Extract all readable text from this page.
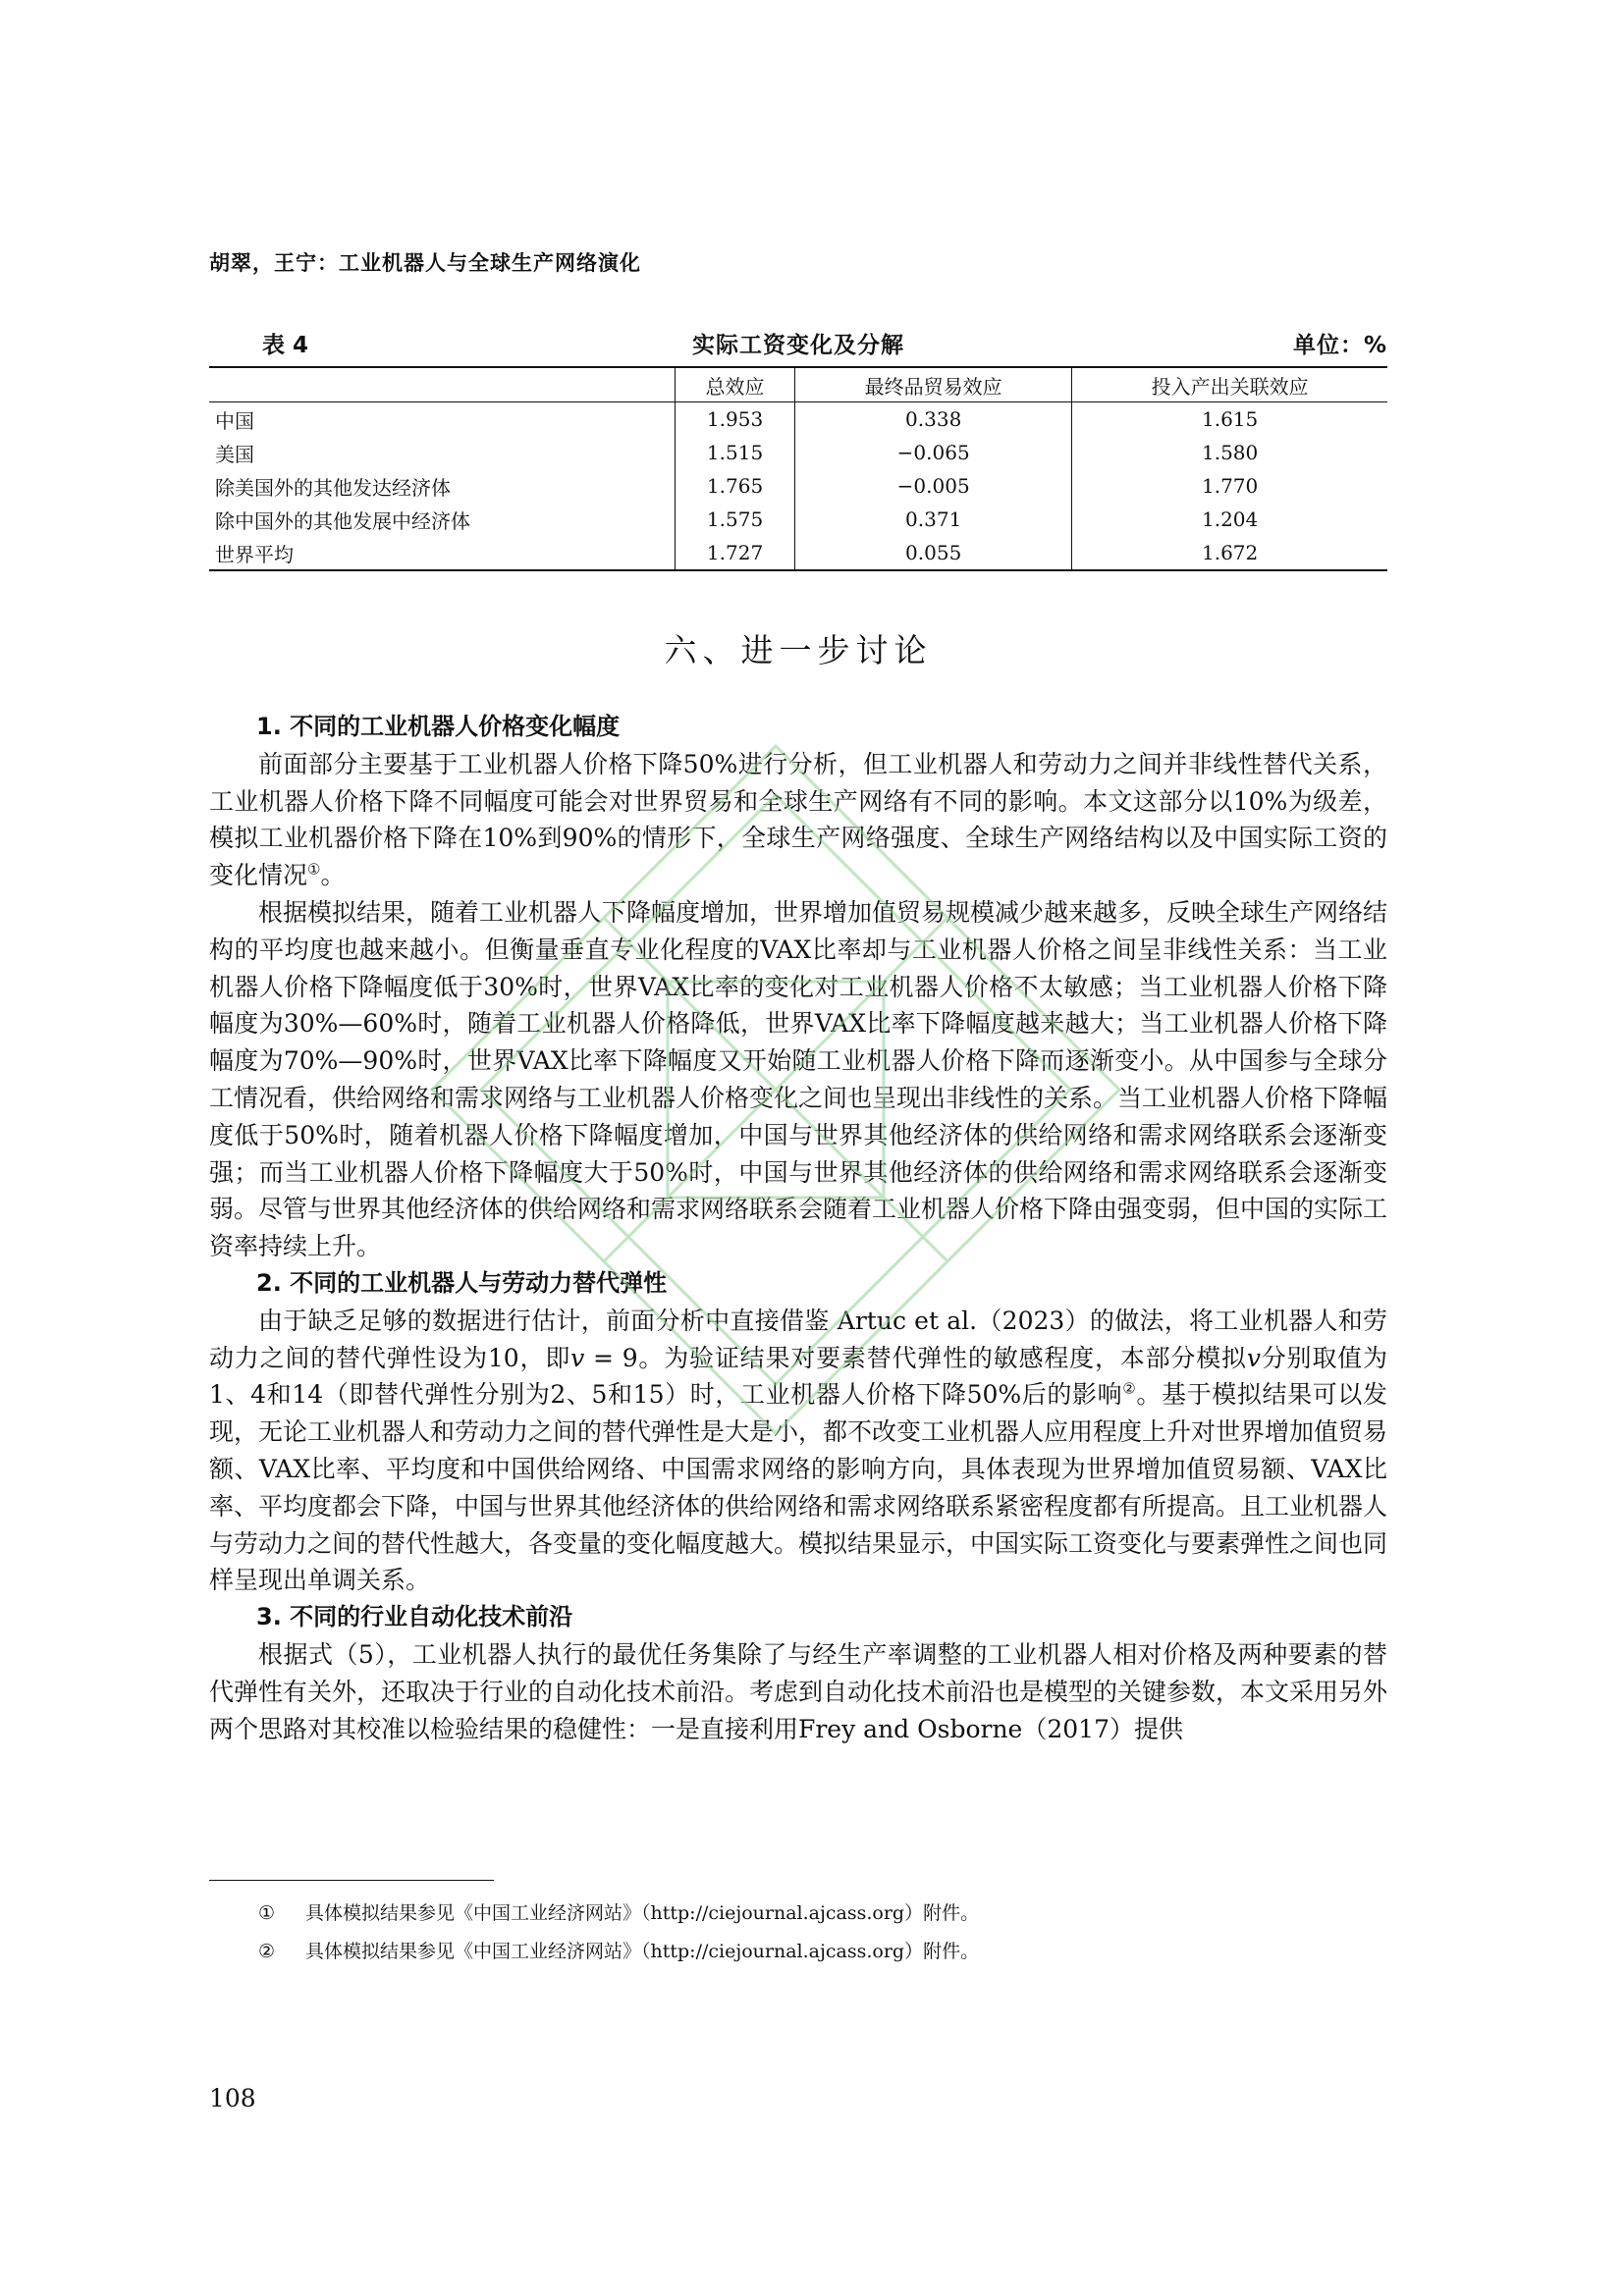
胡翠，王宁：工业机器人与全球生产网络演化
实际工资变化及分解
表 4	单位：%
	总效应	最终品贸易效应	投入产出关联效应
中国	1.953	0.338	1.615
美国	1.515	−0.065	1.580
除美国外的其他发达经济体	1.765	−0.005	1.770
除中国外的其他发展中经济体	1.575	0.371	1.204
世界平均	1.727	0.055	1.672
六、进一步讨论
1. 不同的工业机器人价格变化幅度

前面部分主要基于工业机器人价格下降50%进行分析，但工业机器人和劳动力之间并非线性替代关系，工业机器人价格下降不同幅度可能会对世界贸易和全球生产网络有不同的影响。本文这部分以10%为级差，模拟工业机器价格下降在10%到90%的情形下，全球生产网络强度、全球生产网络结构以及中国实际工资的变化情况①。

根据模拟结果，随着工业机器人下降幅度增加，世界增加值贸易规模减少越来越多，反映全球生产网络结构的平均度也越来越小。但衡量垂直专业化程度的VAX比率却与工业机器人价格之间呈非线性关系：当工业机器人价格下降幅度低于30%时，世界VAX比率的变化对工业机器人价格不太敏感；当工业机器人价格下降幅度为30%—60%时，随着工业机器人价格降低，世界VAX比率下降幅度越来越大；当工业机器人价格下降幅度为70%—90%时，世界VAX比率下降幅度又开始随工业机器人价格下降而逐渐变小。从中国参与全球分工情况看，供给网络和需求网络与工业机器人价格变化之间也呈现出非线性的关系。当工业机器人价格下降幅度低于50%时，随着机器人价格下降幅度增加，中国与世界其他经济体的供给网络和需求网络联系会逐渐变强；而当工业机器人价格下降幅度大于50%时，中国与世界其他经济体的供给网络和需求网络联系会逐渐变弱。尽管与世界其他经济体的供给网络和需求网络联系会随着工业机器人价格下降由强变弱，但中国的实际工资率持续上升。

2. 不同的工业机器人与劳动力替代弹性

由于缺乏足够的数据进行估计，前面分析中直接借鉴 Artuc et al.（2023）的做法，将工业机器人和劳动力之间的替代弹性设为10，即v = 9。为验证结果对要素替代弹性的敏感程度，本部分模拟v分别取值为1、4和14（即替代弹性分别为2、5和15）时，工业机器人价格下降50%后的影响②。基于模拟结果可以发现，无论工业机器人和劳动力之间的替代弹性是大是小，都不改变工业机器人应用程度上升对世界增加值贸易额、VAX比率、平均度和中国供给网络、中国需求网络的影响方向，具体表现为世界增加值贸易额、VAX比率、平均度都会下降，中国与世界其他经济体的供给网络和需求网络联系紧密程度都有所提高。且工业机器人与劳动力之间的替代性越大，各变量的变化幅度越大。模拟结果显示，中国实际工资变化与要素弹性之间也同样呈现出单调关系。

3. 不同的行业自动化技术前沿

根据式（5），工业机器人执行的最优任务集除了与经生产率调整的工业机器人相对价格及两种要素的替代弹性有关外，还取决于行业的自动化技术前沿。考虑到自动化技术前沿也是模型的关键参数，本文采用另外两个思路对其校准以检验结果的稳健性：一是直接利用Frey and Osborne（2017）提供

① 具体模拟结果参见《中国工业经济网站》（http://ciejournal.ajcass.org）附件。
② 具体模拟结果参见《中国工业经济网站》（http://ciejournal.ajcass.org）附件。
108
